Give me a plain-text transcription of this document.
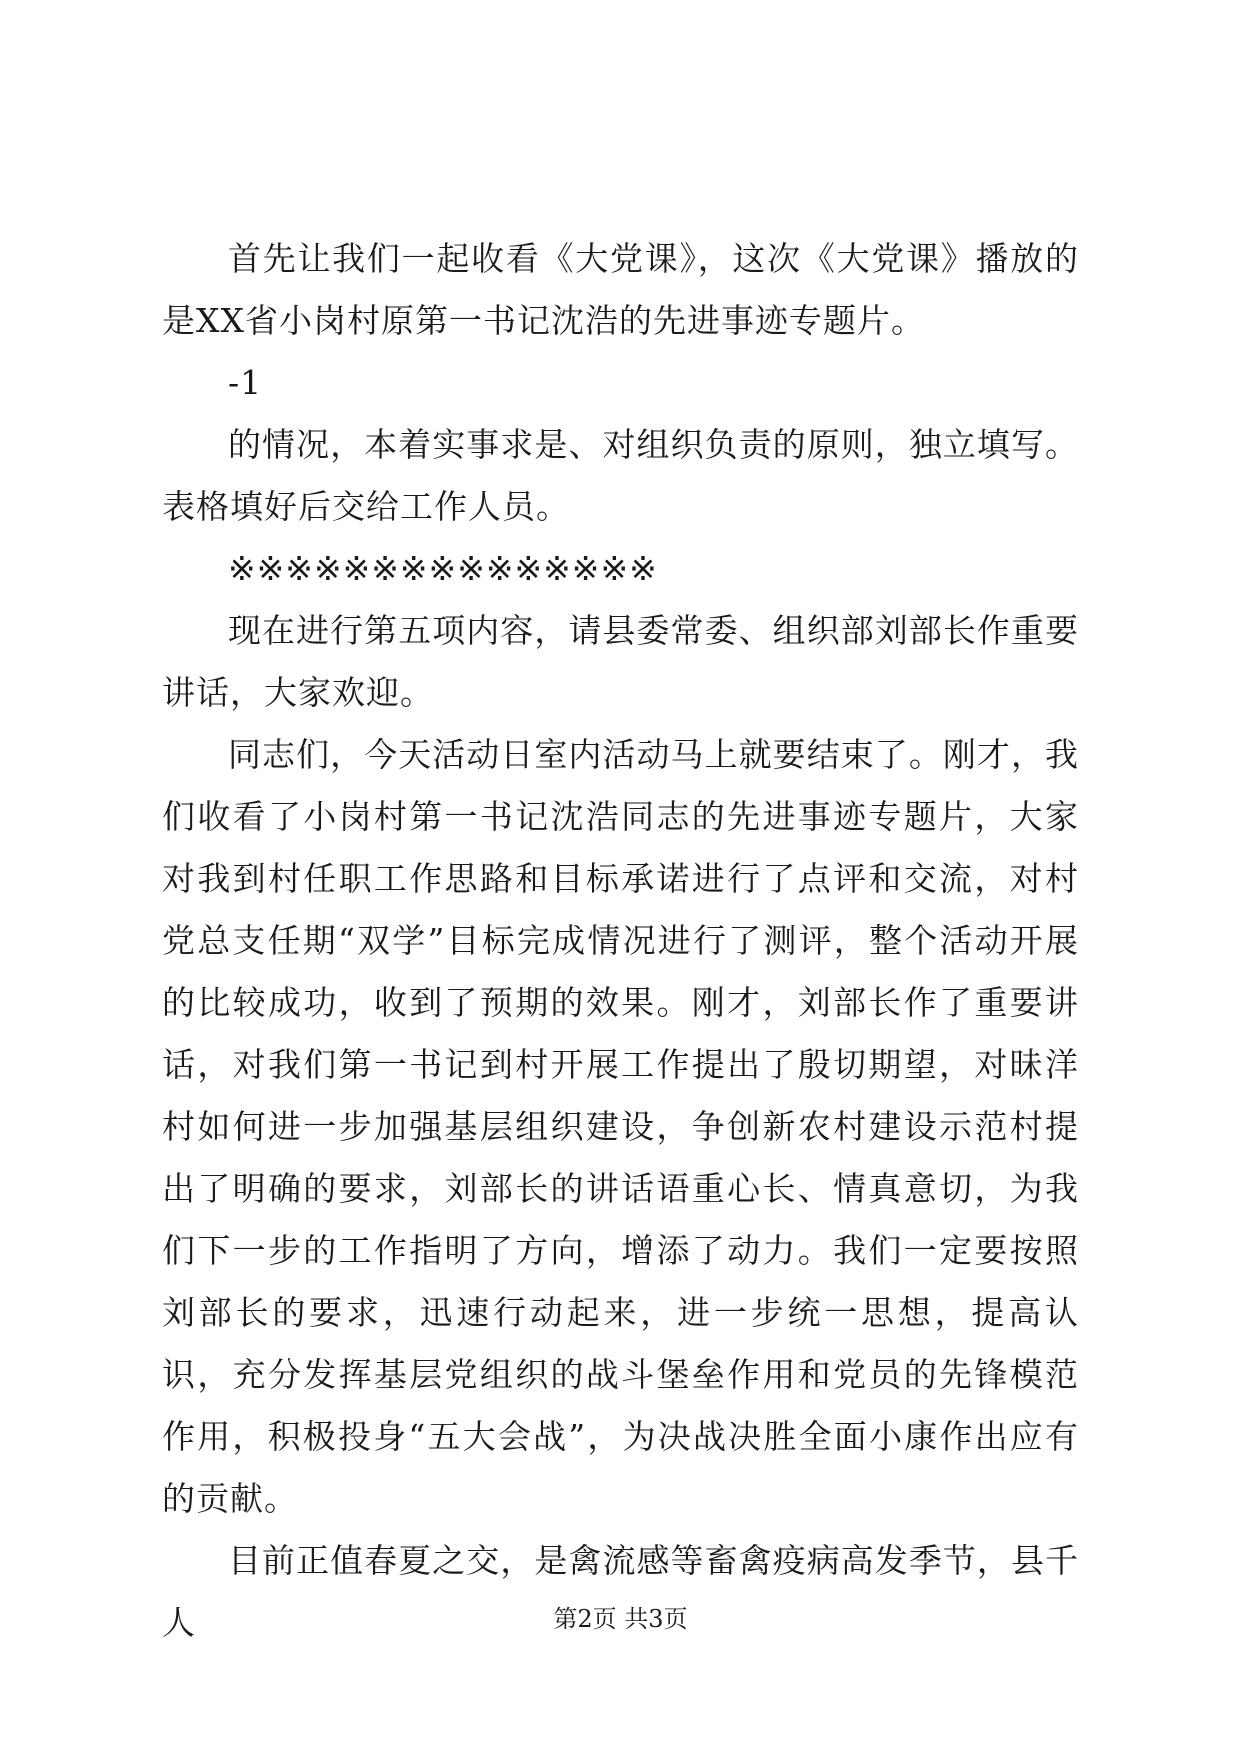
首先让我们一起收看《大党课》，这次《大党课》播放的是XX省小岗村原第一书记沈浩的先进事迹专题片。

-1

的情况，本着实事求是、对组织负责的原则，独立填写。表格填好后交给工作人员。

※※※※※※※※※※※※※※※

现在进行第五项内容，请县委常委、组织部刘部长作重要讲话，大家欢迎。

同志们，今天活动日室内活动马上就要结束了。刚才，我们收看了小岗村第一书记沈浩同志的先进事迹专题片，大家对我到村任职工作思路和目标承诺进行了点评和交流，对村党总支任期“双学”目标完成情况进行了测评，整个活动开展的比较成功，收到了预期的效果。刚才，刘部长作了重要讲话，对我们第一书记到村开展工作提出了殷切期望，对昧洋村如何进一步加强基层组织建设，争创新农村建设示范村提出了明确的要求，刘部长的讲话语重心长、情真意切，为我们下一步的工作指明了方向，增添了动力。我们一定要按照刘部长的要求，迅速行动起来，进一步统一思想，提高认识，充分发挥基层党组织的战斗堡垒作用和党员的先锋模范作用，积极投身“五大会战”，为决战决胜全面小康作出应有的贡献。

目前正值春夏之交，是禽流感等畜禽疫病高发季节，县千人	第2页 共3页
